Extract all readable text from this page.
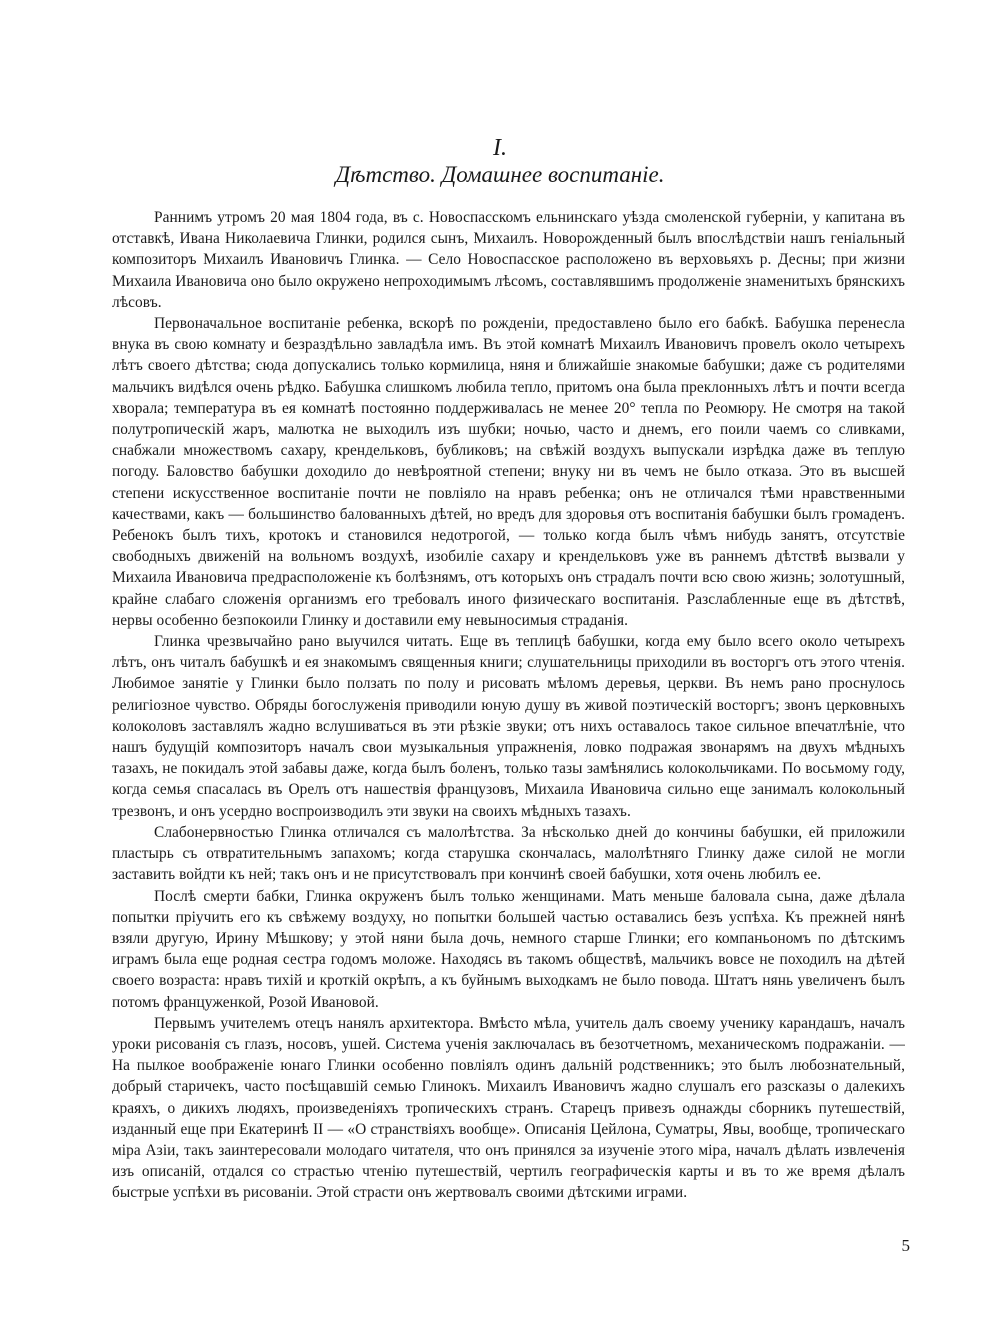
I.
Дѣтство. Домашнее воспитаніе.

Раннимъ утромъ 20 мая 1804 года, въ с. Новоспасскомъ ельнинскаго уѣзда смоленской губерніи, у капитана въ отставкѣ, Ивана Николаевича Глинки, родился сынъ, Михаилъ. Новорожденный былъ впослѣдствіи нашъ геніальный композиторъ Михаилъ Ивановичъ Глинка. — Село Новоспасское расположено въ верховьяхъ р. Десны; при жизни Михаила Ивановича оно было окружено непроходимымъ лѣсомъ, составлявшимъ продолженіе знаменитыхъ брянскихъ лѣсовъ.

Первоначальное воспитаніе ребенка, вскорѣ по рожденіи, предоставлено было его бабкѣ. Бабушка перенесла внука въ свою комнату и безраздѣльно завладѣла имъ. Въ этой комнатѣ Михаилъ Ивановичъ провелъ около четырехъ лѣтъ своего дѣтства; сюда допускались только кормилица, няня и ближайшіе знакомые бабушки; даже съ родителями мальчикъ видѣлся очень рѣдко. Бабушка слишкомъ любила тепло, притомъ она была преклонныхъ лѣтъ и почти всегда хворала; температура въ ея комнатѣ постоянно поддерживалась не менее 20° тепла по Реомюру. Не смотря на такой полутропическій жаръ, малютка не выходилъ изъ шубки; ночью, часто и днемъ, его поили чаемъ со сливками, снабжали множествомъ сахару, крендельковъ, бубликовъ; на свѣжій воздухъ выпускали изрѣдка даже въ теплую погоду. Баловство бабушки доходило до невѣроятной степени; внуку ни въ чемъ не было отказа. Это въ высшей степени искусственное воспитаніе почти не повліяло на нравъ ребенка; онъ не отличался тѣми нравственными качествами, какъ — большинство балованныхъ дѣтей, но вредъ для здоровья отъ воспитанія бабушки былъ громаденъ. Ребенокъ былъ тихъ, кротокъ и становился недотрогой, — только когда былъ чѣмъ нибудь занятъ, отсутствіе свободныхъ движеній на вольномъ воздухѣ, изобиліе сахару и крендельковъ уже въ раннемъ дѣтствѣ вызвали у Михаила Ивановича предрасположеніе къ болѣзнямъ, отъ которыхъ онъ страдалъ почти всю свою жизнь; золотушный, крайне слабаго сложенія организмъ его требовалъ иного физическаго воспитанія. Разслабленные еще въ дѣтствѣ, нервы особенно безпокоили Глинку и доставили ему невыносимыя страданія.

Глинка чрезвычайно рано выучился читать. Еще въ теплицѣ бабушки, когда ему было всего около четырехъ лѣтъ, онъ читалъ бабушкѣ и ея знакомымъ священныя книги; слушательницы приходили въ восторгъ отъ этого чтенія. Любимое занятіе у Глинки было ползать по полу и рисовать мѣломъ деревья, церкви. Въ немъ рано проснулось религіозное чувство. Обряды богослуженія приводили юную душу въ живой поэтическій восторгъ; звонъ церковныхъ колоколовъ заставлялъ жадно вслушиваться въ эти рѣзкіе звуки; отъ нихъ оставалось такое сильное впечатлѣніе, что нашъ будущій композиторъ началъ свои музыкальныя упражненія, ловко подражая звонарямъ на двухъ мѣдныхъ тазахъ, не покидалъ этой забавы даже, когда былъ боленъ, только тазы замѣнялись колокольчиками. По восьмому году, когда семья спасалась въ Орелъ отъ нашествія французовъ, Михаила Ивановича сильно еще занималъ колокольный трезвонъ, и онъ усердно воспроизводилъ эти звуки на своихъ мѣдныхъ тазахъ.

Слабонервностью Глинка отличался съ малолѣтства. За нѣсколько дней до кончины бабушки, ей приложили пластырь съ отвратительнымъ запахомъ; когда старушка скончалась, малолѣтняго Глинку даже силой не могли заставить войдти къ ней; такъ онъ и не присутствовалъ при кончинѣ своей бабушки, хотя очень любилъ ее.

Послѣ смерти бабки, Глинка окруженъ былъ только женщинами. Мать меньше баловала сына, даже дѣлала попытки пріучить его къ свѣжему воздуху, но попытки большей частью оставались безъ успѣха. Къ прежней нянѣ взяли другую, Ирину Мѣшкову; у этой няни была дочь, немного старше Глинки; его компаньономъ по дѣтскимъ играмъ была еще родная сестра годомъ моложе. Находясь въ такомъ обществѣ, мальчикъ вовсе не походилъ на дѣтей своего возраста: нравъ тихій и кроткій окрѣпъ, а къ буйнымъ выходкамъ не было повода. Штатъ нянь увеличенъ былъ потомъ француженкой, Розой Ивановой.

Первымъ учителемъ отецъ нанялъ архитектора. Вмѣсто мѣла, учитель далъ своему ученику карандашъ, началъ уроки рисованія съ глазъ, носовъ, ушей. Система ученія заключалась въ безотчетномъ, механическомъ подражаніи. — На пылкое воображеніе юнаго Глинки особенно повліялъ одинъ дальній родственникъ; это былъ любознательный, добрый старичекъ, часто посѣщавшій семью Глинокъ. Михаилъ Ивановичъ жадно слушалъ его разсказы о далекихъ краяхъ, о дикихъ людяхъ, произведеніяхъ тропическихъ странъ. Старецъ привезъ однажды сборникъ путешествій, изданный еще при Екатеринѣ II — «О странствіяхъ вообще». Описанія Цейлона, Суматры, Явы, вообще, тропическаго міра Азіи, такъ заинтересовали молодаго читателя, что онъ принялся за изученіе этого міра, началъ дѣлать извлеченія изъ описаній, отдался со страстью чтенію путешествій, чертилъ географическія карты и въ то же время дѣлалъ быстрые успѣхи въ рисованіи. Этой страсти онъ жертвовалъ своими дѣтскими играми.

5
